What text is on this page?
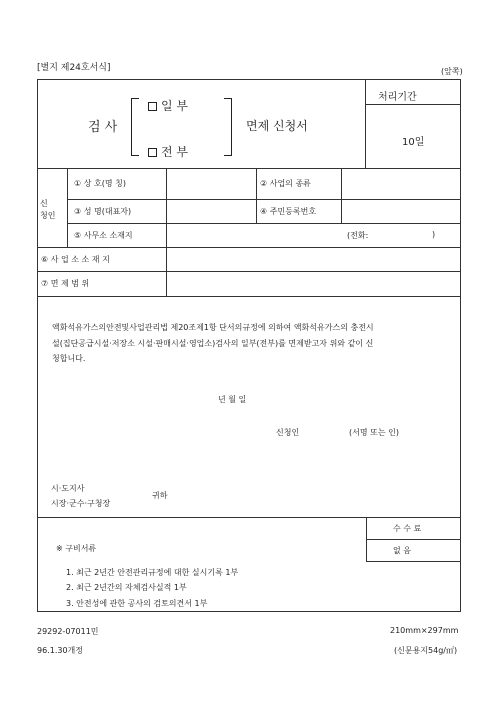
[별지 제24호서식]	(앞쪽)
검 사
일 부
전 부
면제 신청서
처리기간
10일
신
청인
① 상 호(명 칭)	② 사업의 종류
③ 성 명(대표자)	④ 주민등록번호
⑤ 사무소 소재지	(전화:	)
⑥ 사 업 소 소 재 지
⑦ 면 제 범 위
액화석유가스의안전및사업관리법 제20조제1항 단서의규정에 의하여 액화석유가스의 충전시
설(집단공급시설·저장소 시설·판매시설·영업소)검사의 일부(전부)를 면제받고자 위와 같이 신
청합니다.
년 월 일
신청인	(서명 또는 인)
시·도지사
시장·군수·구청장
귀하
※ 구비서류
1. 최근 2년간 안전관리규정에 대한 실시기록 1부
2. 최근 2년간의 자체검사실적 1부
3. 안전성에 관한 공사의 검토의견서 1부
수 수 료
없 음
29292-07011민
96.1.30개정
210mm×297mm
(신문용지54g/㎡)
